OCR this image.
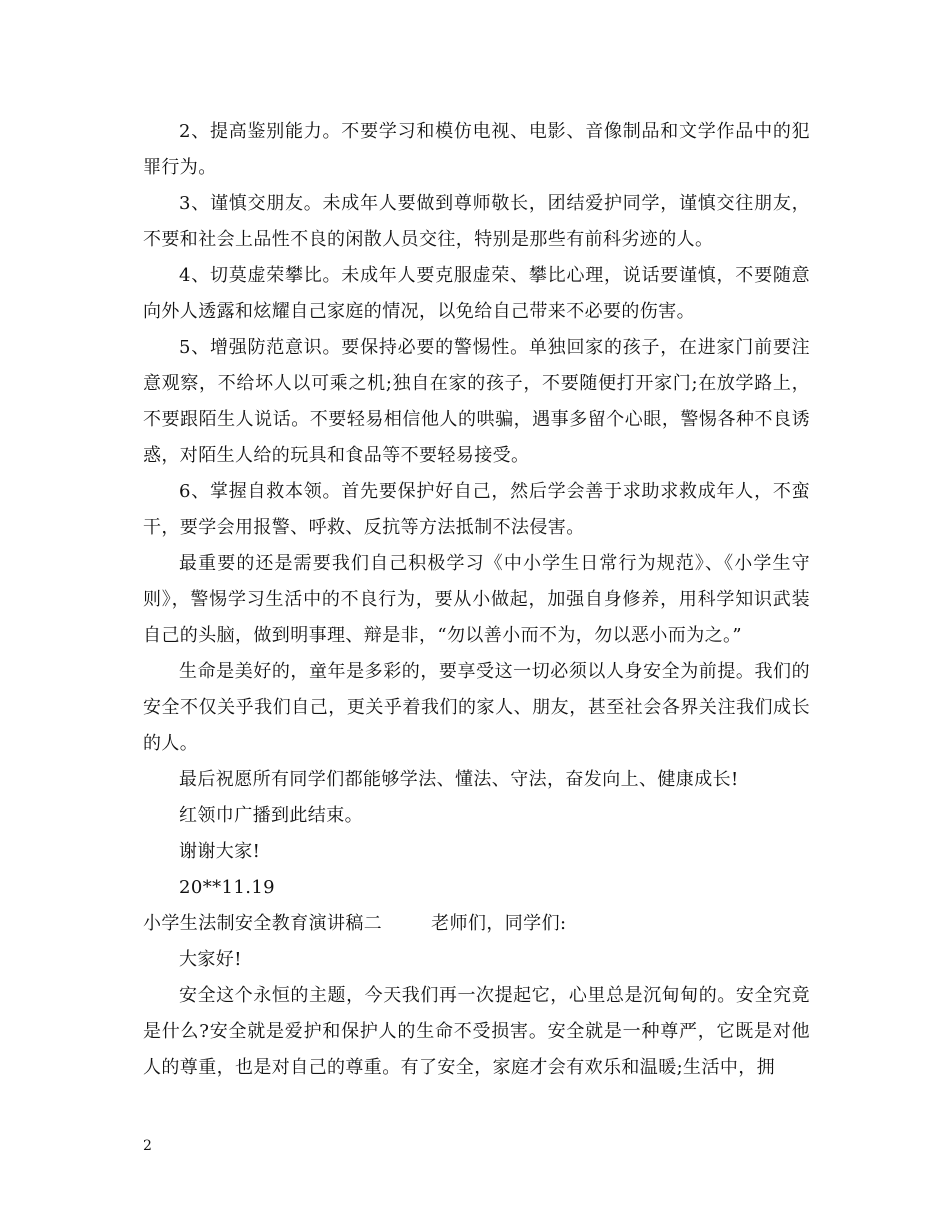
2、提高鉴别能力。不要学习和模仿电视、电影、音像制品和文学作品中的犯罪行为。

3、谨慎交朋友。未成年人要做到尊师敬长，团结爱护同学，谨慎交往朋友，不要和社会上品性不良的闲散人员交往，特别是那些有前科劣迹的人。

4、切莫虚荣攀比。未成年人要克服虚荣、攀比心理，说话要谨慎，不要随意向外人透露和炫耀自己家庭的情况，以免给自己带来不必要的伤害。

5、增强防范意识。要保持必要的警惕性。单独回家的孩子，在进家门前要注意观察，不给坏人以可乘之机;独自在家的孩子，不要随便打开家门;在放学路上，不要跟陌生人说话。不要轻易相信他人的哄骗，遇事多留个心眼，警惕各种不良诱惑，对陌生人给的玩具和食品等不要轻易接受。

6、掌握自救本领。首先要保护好自己，然后学会善于求助求救成年人，不蛮干，要学会用报警、呼救、反抗等方法抵制不法侵害。

最重要的还是需要我们自己积极学习《中小学生日常行为规范》、《小学生守则》，警惕学习生活中的不良行为，要从小做起，加强自身修养，用科学知识武装自己的头脑，做到明事理、辩是非，“勿以善小而不为，勿以恶小而为之。”

生命是美好的，童年是多彩的，要享受这一切必须以人身安全为前提。我们的安全不仅关乎我们自己，更关乎着我们的家人、朋友，甚至社会各界关注我们成长的人。

最后祝愿所有同学们都能够学法、懂法、守法，奋发向上、健康成长!

红领巾广播到此结束。

谢谢大家!

20**11.19

小学生法制安全教育演讲稿二        老师们，同学们:

大家好!

安全这个永恒的主题，今天我们再一次提起它，心里总是沉甸甸的。安全究竟是什么?安全就是爱护和保护人的生命不受损害。安全就是一种尊严，它既是对他人的尊重，也是对自己的尊重。有了安全，家庭才会有欢乐和温暖;生活中，拥

2
